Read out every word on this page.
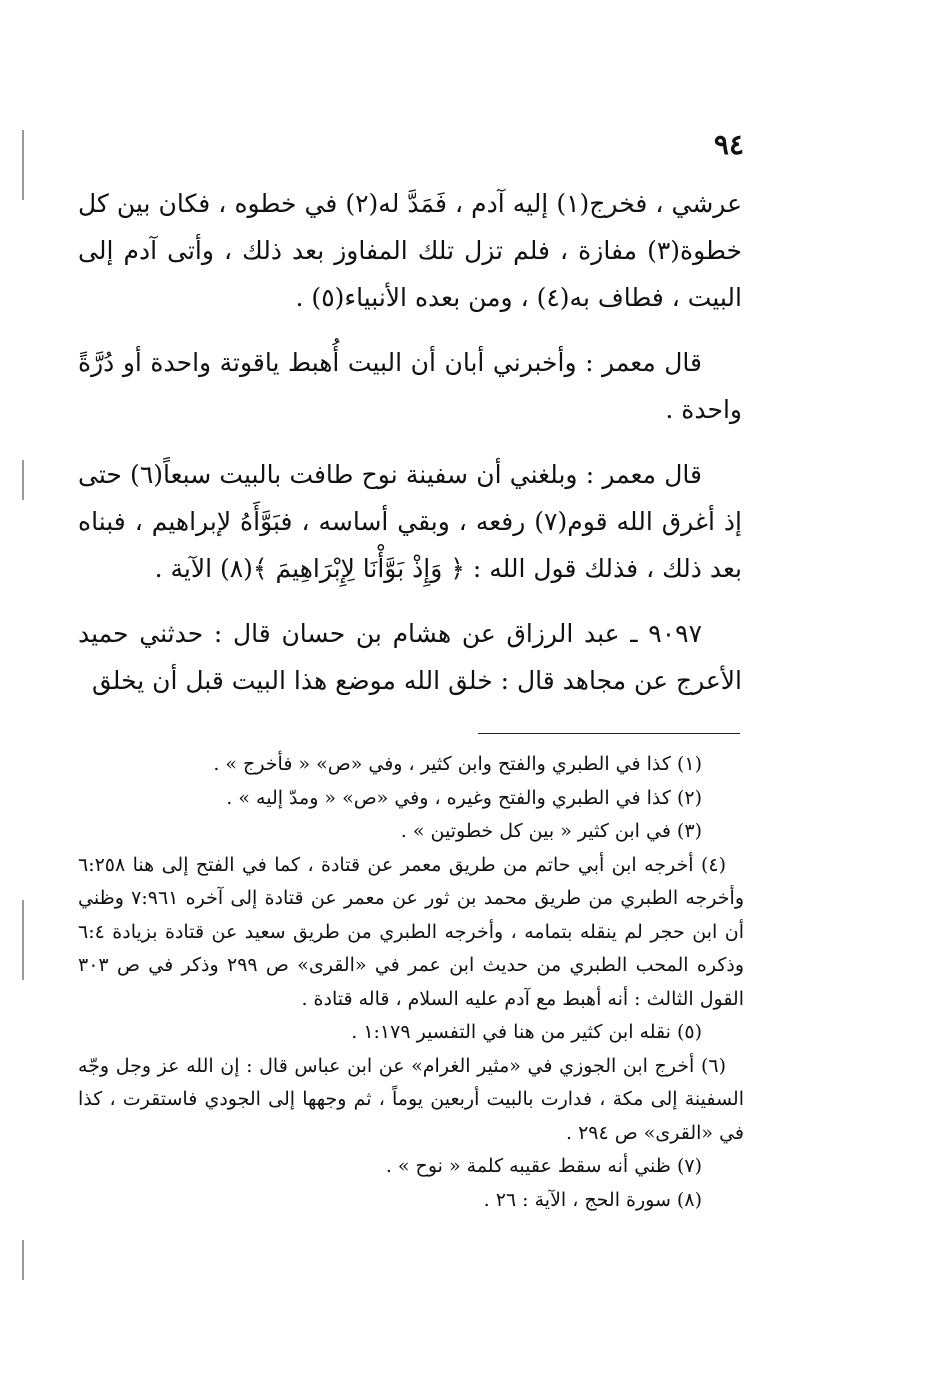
٩٤

عرشي ، فخرج(١) إليه آدم ، فَمَدَّ له(٢) في خطوه ، فكان بين كل خطوة(٣) مفازة ، فلم تزل تلك المفاوز بعد ذلك ، وأتى آدم إلى البيت ، فطاف به(٤) ، ومن بعده الأنبياء(٥) .

قال معمر : وأخبرني أبان أن البيت أُهبط ياقوتة واحدة أو دُرَّةً واحدة .

قال معمر : وبلغني أن سفينة نوح طافت بالبيت سبعاً(٦) حتى إذ أغرق الله قوم(٧) رفعه ، وبقي أساسه ، فبَوَّأَهُ لإبراهيم ، فبناه بعد ذلك ، فذلك قول الله : ﴿ وَإِذْ بَوَّأْنَا لِإِبْرَاهِيمَ ﴾(٨) الآية .

٩٠٩٧ ـ عبد الرزاق عن هشام بن حسان قال : حدثني حميد الأعرج عن مجاهد قال : خلق الله موضع هذا البيت قبل أن يخلق

(١) كذا في الطبري والفتح وابن كثير ، وفي «ص» « فأخرج » .

(٢) كذا في الطبري والفتح وغيره ، وفي «ص» « ومدّ إليه » .

(٣) في ابن كثير « بين كل خطوتين » .

(٤) أخرجه ابن أبي حاتم من طريق معمر عن قتادة ، كما في الفتح إلى هنا ٦:٢٥٨ وأخرجه الطبري من طريق محمد بن ثور عن معمر عن قتادة إلى آخره ٧:٩٦١ وظني أن ابن حجر لم ينقله بتمامه ، وأخرجه الطبري من طريق سعيد عن قتادة بزيادة ٦:٤ وذكره المحب الطبري من حديث ابن عمر في «القرى» ص ٢٩٩ وذكر في ص ٣٠٣ القول الثالث : أنه أهبط مع آدم عليه السلام ، قاله قتادة .

(٥) نقله ابن كثير من هنا في التفسير ١:١٧٩ .

(٦) أخرج ابن الجوزي في «مثير الغرام» عن ابن عباس قال : إن الله عز وجل وجّه السفينة إلى مكة ، فدارت بالبيت أربعين يوماً ، ثم وجهها إلى الجودي فاستقرت ، كذا في «القرى» ص ٢٩٤ .

(٧) ظني أنه سقط عقيبه كلمة « نوح » .

(٨) سورة الحج ، الآية : ٢٦ .
